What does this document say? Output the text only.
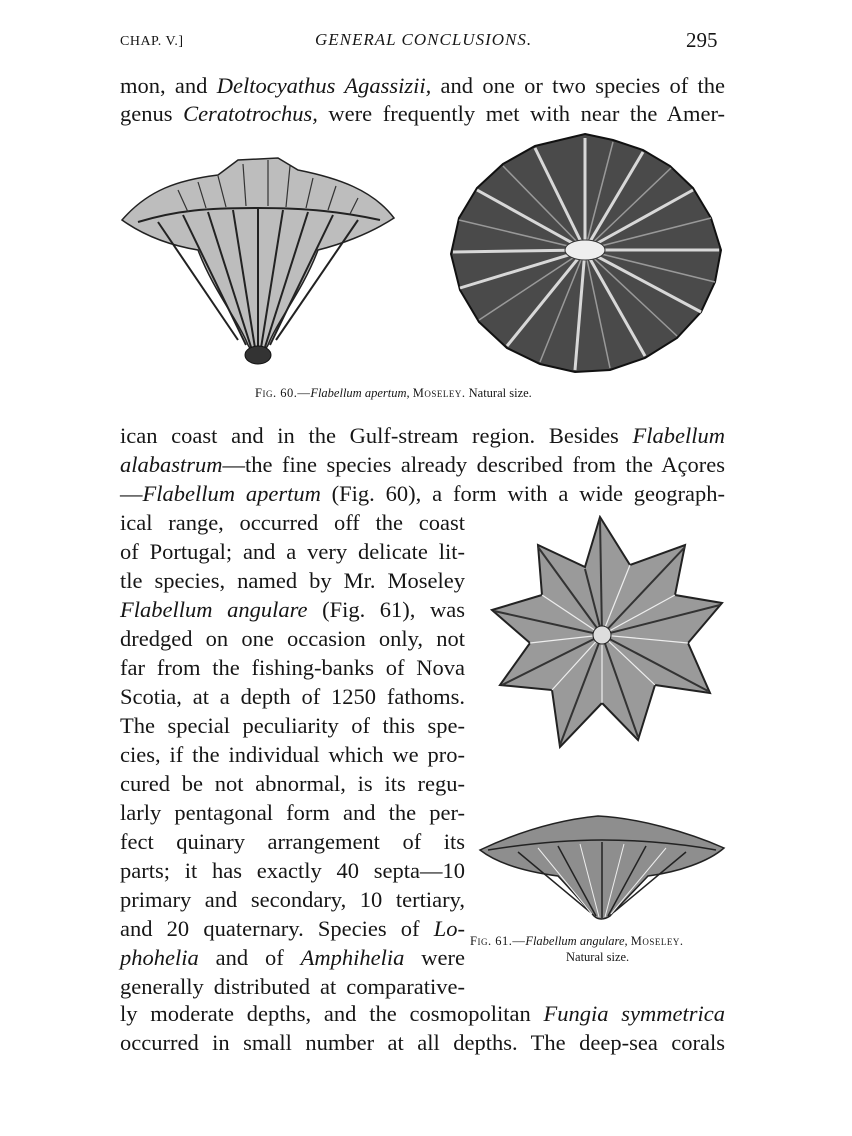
CHAP. V.]	GENERAL CONCLUSIONS.	295
mon, and Deltocyathus Agassizii, and one or two species of the
genus Ceratotrochus, were frequently met with near the Amer-
Fig. 60.—Flabellum apertum, Moseley. Natural size.
ican coast and in the Gulf-stream region. Besides Flabellum
alabastrum—the fine species already described from the Açores
—Flabellum apertum (Fig. 60), a form with a wide geograph-
ical range, occurred off the coast
of Portugal; and a very delicate lit-
tle species, named by Mr. Moseley
Flabellum angulare (Fig. 61), was
dredged on one occasion only, not
far from the fishing-banks of Nova
Scotia, at a depth of 1250 fathoms.
The special peculiarity of this spe-
cies, if the individual which we pro-
cured be not abnormal, is its regu-
larly pentagonal form and the per-
fect quinary arrangement of its
parts; it has exactly 40 septa—10
primary and secondary, 10 tertiary,
and 20 quaternary. Species of Lo-
phohelia and of Amphihelia were
generally distributed at comparative-
Fig. 61.—Flabellum angulare, Moseley.
Natural size.
ly moderate depths, and the cosmopolitan Fungia symmetrica
occurred in small number at all depths. The deep-sea corals
